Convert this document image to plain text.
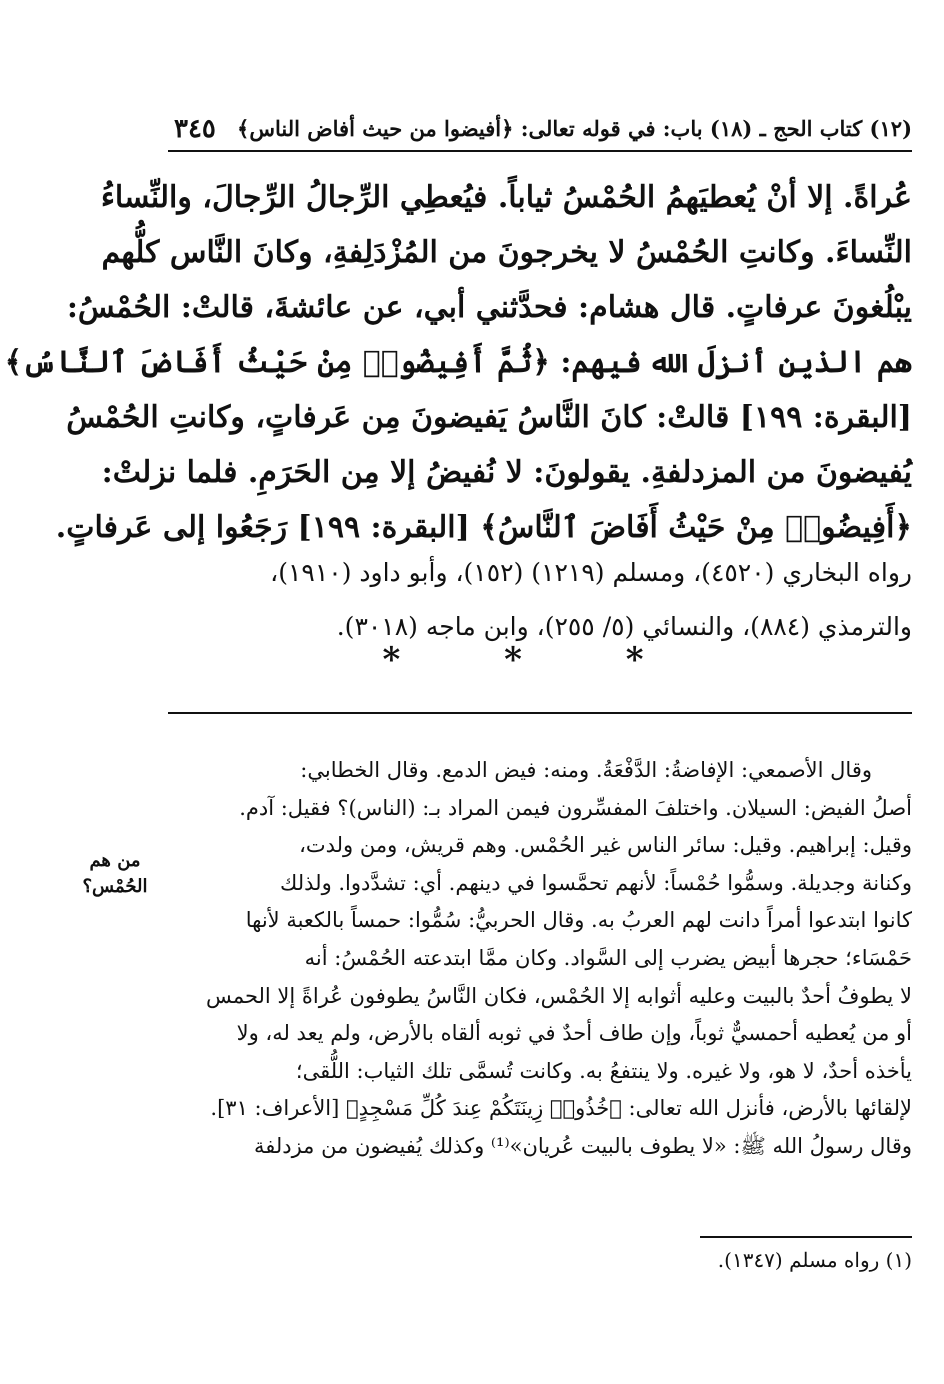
(١٢) كتاب الحج ـ (١٨) باب: في قوله تعالى: ﴿أفيضوا من حيث أفاض الناس﴾
٣٤٥
عُراةً. إلا أنْ يُعطيَهمُ الحُمْسُ ثياباً. فيُعطِي الرِّجالُ الرِّجالَ، والنِّساءُ
النِّساءَ. وكانتِ الحُمْسُ لا يخرجونَ من المُزْدَلِفةِ، وكانَ النَّاس كلُّهم
يبْلُغونَ عرفاتٍ. قال هشام: فحدَّثني أبي، عن عائشةَ، قالتْ: الحُمْسُ:
هم الذين أنزلَ الله فيهم: ﴿ثُمَّ أَفِيضُوا۟ مِنْ حَيْثُ أَفَاضَ ٱلنَّاسُ﴾
[البقرة: ١٩٩] قالتْ: كانَ النَّاسُ يَفيضونَ مِن عَرفاتٍ، وكانتِ الحُمْسُ
يُفيضونَ من المزدلفةِ. يقولونَ: لا نُفيضُ إلا مِن الحَرَمِ. فلما نزلتْ:
﴿أَفِيضُوا۟ مِنْ حَيْثُ أَفَاضَ ٱلنَّاسُ﴾ [البقرة: ١٩٩] رَجَعُوا إلى عَرفاتٍ.
رواه البخاري (٤٥٢٠)، ومسلم (١٢١٩) (١٥٢)، وأبو داود (١٩١٠)،
والترمذي (٨٨٤)، والنسائي (٥/ ٢٥٥)، وابن ماجه (٣٠١٨).
* * *
وقال الأصمعي: الإفاضةُ: الدَّفْعَةُ. ومنه: فيض الدمع. وقال الخطابي:
أصلُ الفيض: السيلان. واختلفَ المفسِّرون فيمن المراد بـ: (الناس)؟ فقيل: آدم.
وقيل: إبراهيم. وقيل: سائر الناس غير الحُمْس. وهم قريش، ومن ولدت،
وكنانة وجديلة. وسمُّوا حُمْساً: لأنهم تحمَّسوا في دينهم. أي: تشدَّدوا. ولذلك
كانوا ابتدعوا أمراً دانت لهم العربُ به. وقال الحربيُّ: سُمُّوا: حمساً بالكعبة لأنها
حَمْسَاء؛ حجرها أبيض يضرب إلى السَّواد. وكان ممَّا ابتدعته الحُمْسُ: أنه
لا يطوفُ أحدٌ بالبيت وعليه أثوابه إلا الحُمْس، فكان النَّاسُ يطوفون عُراةً إلا الحمس
أو من يُعطيه أحمسيٌّ ثوباً، وإن طاف أحدٌ في ثوبه ألقاه بالأرض، ولم يعد له، ولا
يأخذه أحدٌ، لا هو، ولا غيره. ولا ينتفعُ به. وكانت تُسمَّى تلك الثياب: اللُّقى؛
لإلقائها بالأرض، فأنزل الله تعالى: ﴿خُذُوا۟ زِينَتَكُمْ عِندَ كُلِّ مَسْجِدٍ﴾ [الأعراف: ٣١].
وقال رسولُ الله ﷺ: «لا يطوف بالبيت عُريان»⁽¹⁾ وكذلك يُفيضون من مزدلفة
من هم
الحُمْس؟
(١) رواه مسلم (١٣٤٧).
